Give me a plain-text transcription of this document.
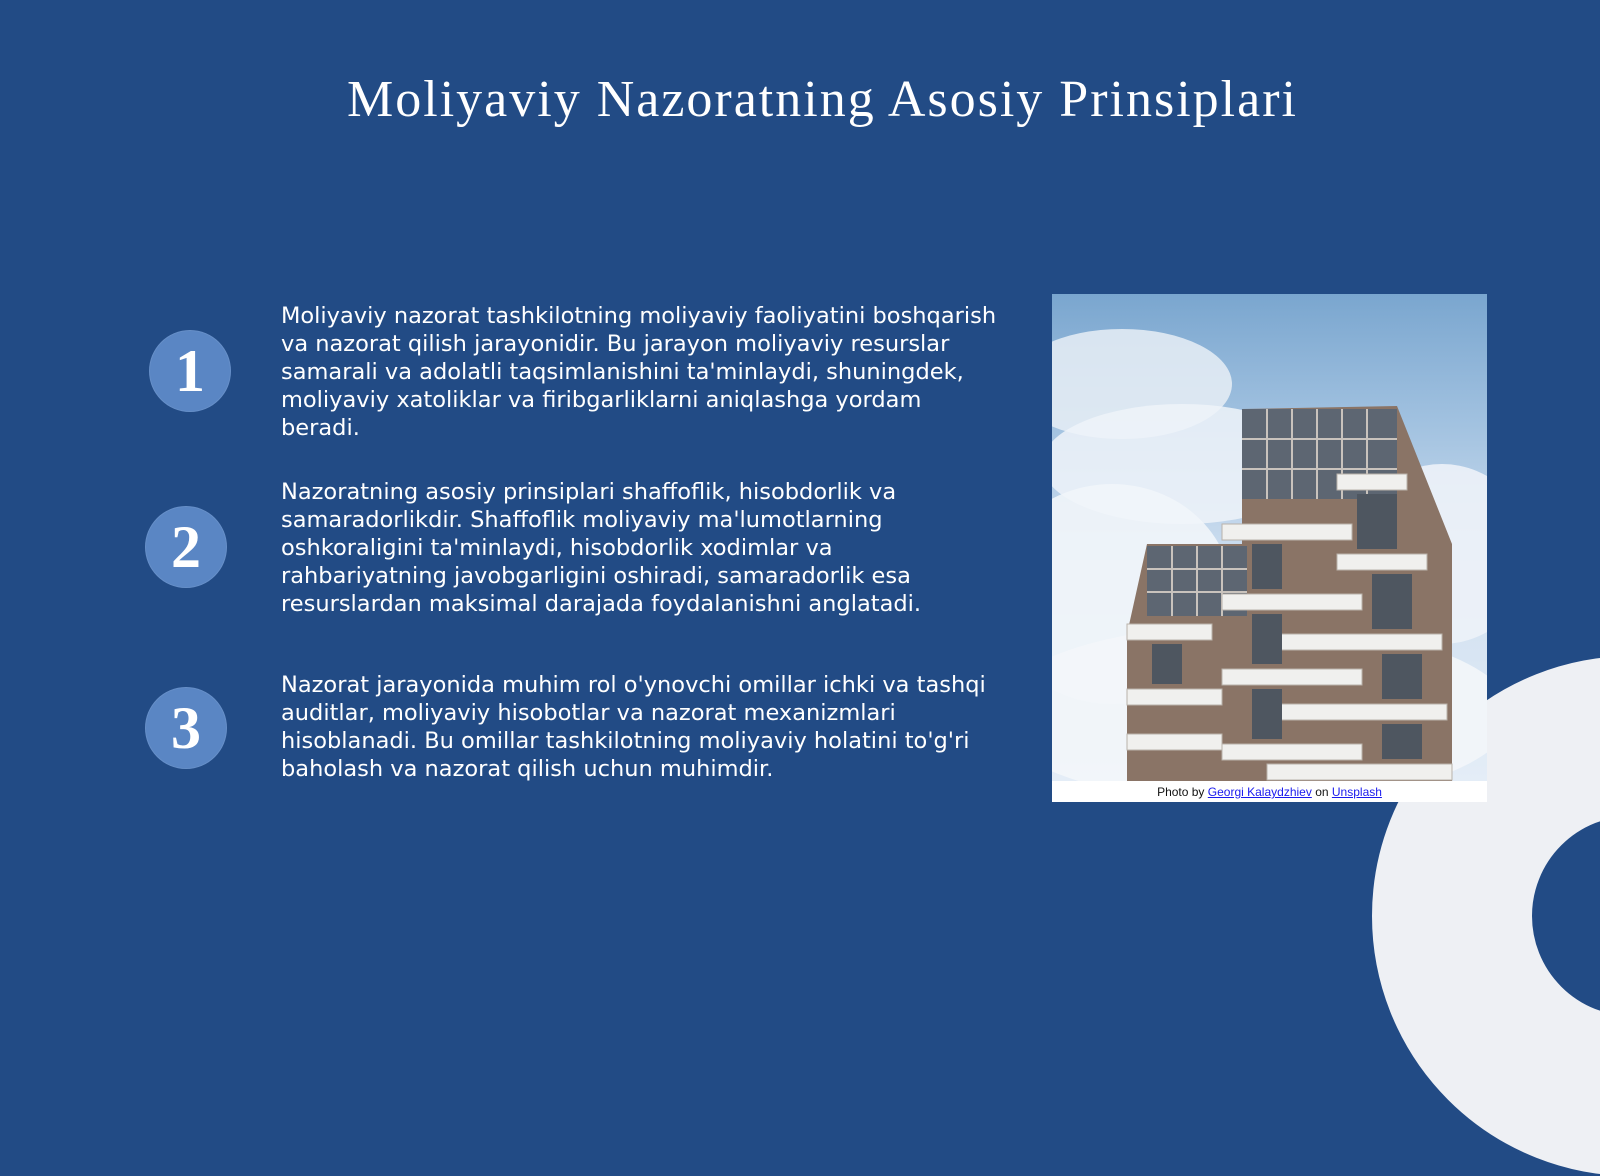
Moliyaviy Nazoratning Asosiy Prinsiplari
1

Moliyaviy nazorat tashkilotning moliyaviy faoliyatini boshqarish va nazorat qilish jarayonidir. Bu jarayon moliyaviy resurslar samarali va adolatli taqsimlanishini ta'minlaydi, shuningdek, moliyaviy xatoliklar va firibgarliklarni aniqlashga yordam beradi.

2

Nazoratning asosiy prinsiplari shaffoflik, hisobdorlik va samaradorlikdir. Shaffoflik moliyaviy ma'lumotlarning oshkoraligini ta'minlaydi, hisobdorlik xodimlar va rahbariyatning javobgarligini oshiradi, samaradorlik esa resurslardan maksimal darajada foydalanishni anglatadi.

3

Nazorat jarayonida muhim rol o'ynovchi omillar ichki va tashqi auditlar, moliyaviy hisobotlar va nazorat mexanizmlari hisoblanadi. Bu omillar tashkilotning moliyaviy holatini to'g'ri baholash va nazorat qilish uchun muhimdir.

Photo by Georgi Kalaydzhiev on Unsplash
